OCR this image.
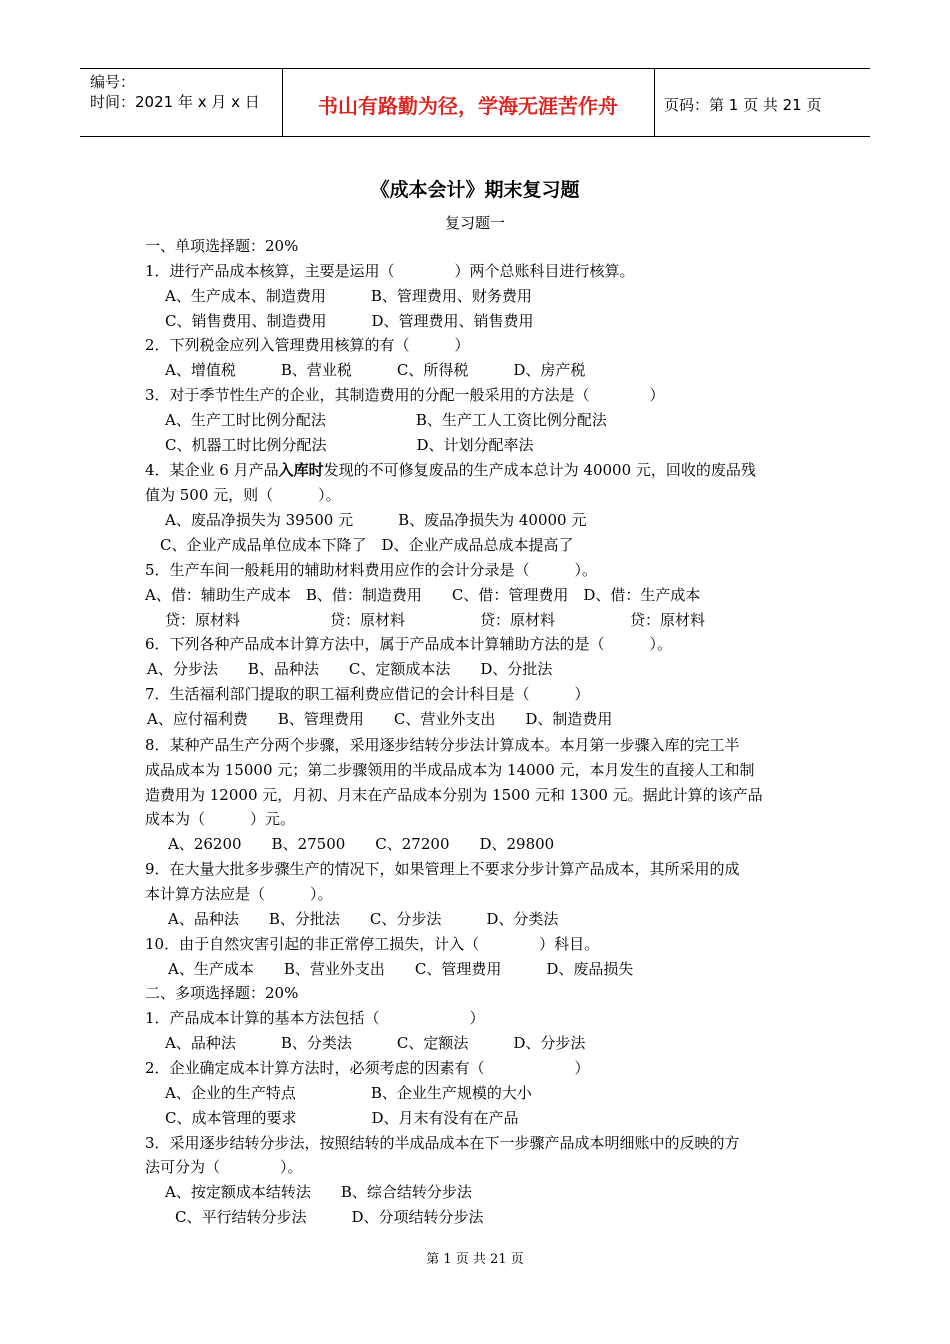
编号：
时间：2021 年 x 月 x 日	书山有路勤为径，学海无涯苦作舟	页码：第 1 页 共 21 页
《成本会计》期末复习题
复习题一
一、单项选择题：20%
1．进行产品成本核算，主要是运用（　　　　）两个总账科目进行核算。
A、生产成本、制造费用　　　B、管理费用、财务费用
C、销售费用、制造费用　　　D、管理费用、销售费用
2．下列税金应列入管理费用核算的有（　　　）
A、增值税　　　B、营业税　　　C、所得税　　　D、房产税
3．对于季节性生产的企业，其制造费用的分配一般采用的方法是（　　　　）
A、生产工时比例分配法　　　　　　B、生产工人工资比例分配法
C、机器工时比例分配法　　　　　　D、计划分配率法
4．某企业 6 月产品入库时发现的不可修复废品的生产成本总计为 40000 元，回收的废品残
值为 500 元，则（　　　）。
A、废品净损失为 39500 元　　　B、废品净损失为 40000 元
C、企业产成品单位成本下降了　D、企业产成品总成本提高了
5．生产车间一般耗用的辅助材料费用应作的会计分录是（　　　）。
A、借：辅助生产成本　B、借：制造费用　　C、借：管理费用　D、借：生产成本
贷：原材料　　　　　　贷：原材料　　　　　贷：原材料　　　　　贷：原材料
6．下列各种产品成本计算方法中，属于产品成本计算辅助方法的是（　　　）。
A、分步法　　B、品种法　　C、定额成本法　　D、分批法
7．生活福利部门提取的职工福利费应借记的会计科目是（　　　）
A、应付福利费　　B、管理费用　　C、营业外支出　　D、制造费用
8．某种产品生产分两个步骤，采用逐步结转分步法计算成本。本月第一步骤入库的完工半
成品成本为 15000 元；第二步骤领用的半成品成本为 14000 元，本月发生的直接人工和制
造费用为 12000 元，月初、月末在产品成本分别为 1500 元和 1300 元。据此计算的该产品
成本为（　　　）元。
A、26200　　B、27500　　C、27200　　D、29800
9．在大量大批多步骤生产的情况下，如果管理上不要求分步计算产品成本，其所采用的成
本计算方法应是（　　　）。
A、品种法　　B、分批法　　C、分步法　　　D、分类法
10．由于自然灾害引起的非正常停工损失，计入（　　　　）科目。
A、生产成本　　B、营业外支出　　C、管理费用　　　D、废品损失
二、多项选择题：20%
1．产品成本计算的基本方法包括（　　　　　　）
A、品种法　　　B、分类法　　　C、定额法　　　D、分步法
2．企业确定成本计算方法时，必须考虑的因素有（　　　　　　）
A、企业的生产特点　　　　　B、企业生产规模的大小
C、成本管理的要求　　　　　D、月末有没有在产品
3．采用逐步结转分步法，按照结转的半成品成本在下一步骤产品成本明细账中的反映的方
法可分为（　　　　）。
A、按定额成本结转法　　B、综合结转分步法
C、平行结转分步法　　　D、分项结转分步法
第 1 页 共 21 页
